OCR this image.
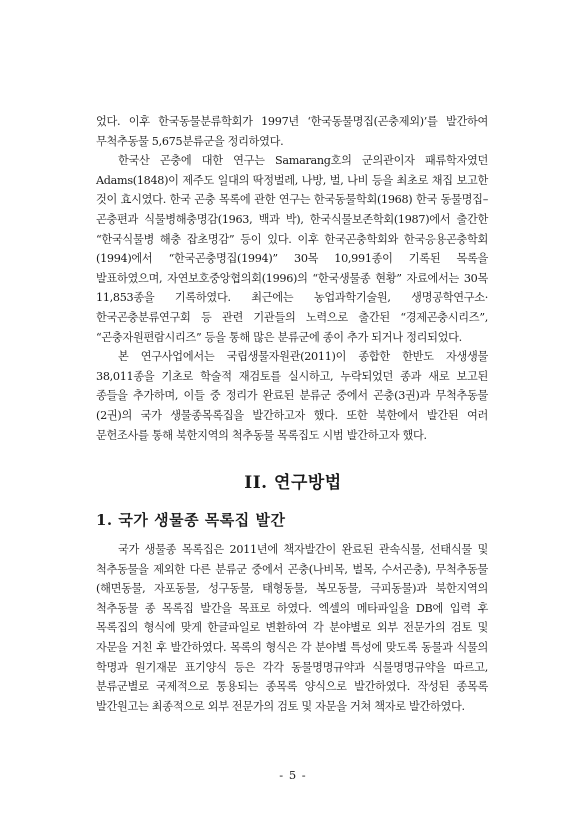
었다. 이후 한국동물분류학회가 1997년 ‘한국동물명집(곤충제외)’를 발간하여 무척추동물 5,675분류군을 정리하였다.

한국산 곤충에 대한 연구는 Samarang호의 군의관이자 패류학자였던 Adams(1848)이 제주도 일대의 딱정벌레, 나방, 벌, 나비 등을 최초로 채집 보고한 것이 효시였다. 한국 곤충 목록에 관한 연구는 한국동물학회(1968) 한국 동물명집–곤충편과 식물병해충명감(1963, 백과 박), 한국식물보존학회(1987)에서 출간한 “한국식물병 해충 잡초명감” 등이 있다. 이후 한국곤충학회와 한국응용곤충학회(1994)에서 “한국곤충명집(1994)” 30목 10,991종이 기록된 목록을 발표하였으며, 자연보호중앙협의회(1996)의 “한국생물종 현황” 자료에서는 30목 11,853종을 기록하였다. 최근에는 농업과학기술원, 생명공학연구소·한국곤충분류연구회 등 관련 기관들의 노력으로 출간된 “경제곤충시리즈”, “곤충자원편람시리즈” 등을 통해 많은 분류군에 종이 추가 되거나 정리되었다.

본 연구사업에서는 국립생물자원관(2011)이 종합한 한반도 자생생물 38,011종을 기초로 학술적 재검토를 실시하고, 누락되었던 종과 새로 보고된 종들을 추가하며, 이들 중 정리가 완료된 분류군 중에서 곤충(3권)과 무척추동물(2권)의 국가 생물종목록집을 발간하고자 했다. 또한 북한에서 발간된 여러 문헌조사를 통해 북한지역의 척추동물 목록집도 시범 발간하고자 했다.

II. 연구방법
1. 국가 생물종 목록집 발간

국가 생물종 목록집은 2011년에 책자발간이 완료된 관속식물, 선태식물 및 척추동물을 제외한 다른 분류군 중에서 곤충(나비목, 벌목, 수서곤충), 무척추동물(해면동물, 자포동물, 성구동물, 태형동물, 복모동물, 극피동물)과 북한지역의 척추동물 종 목록집 발간을 목표로 하였다. 엑셀의 메타파일을 DB에 입력 후 목록집의 형식에 맞게 한글파일로 변환하여 각 분야별로 외부 전문가의 검토 및 자문을 거친 후 발간하였다. 목록의 형식은 각 분야별 특성에 맞도록 동물과 식물의 학명과 원기재문 표기양식 등은 각각 동물명명규약과 식물명명규약을 따르고, 분류군별로 국제적으로 통용되는 종목록 양식으로 발간하였다. 작성된 종목록 발간원고는 최종적으로 외부 전문가의 검토 및 자문을 거쳐 책자로 발간하였다.

- 5 -
